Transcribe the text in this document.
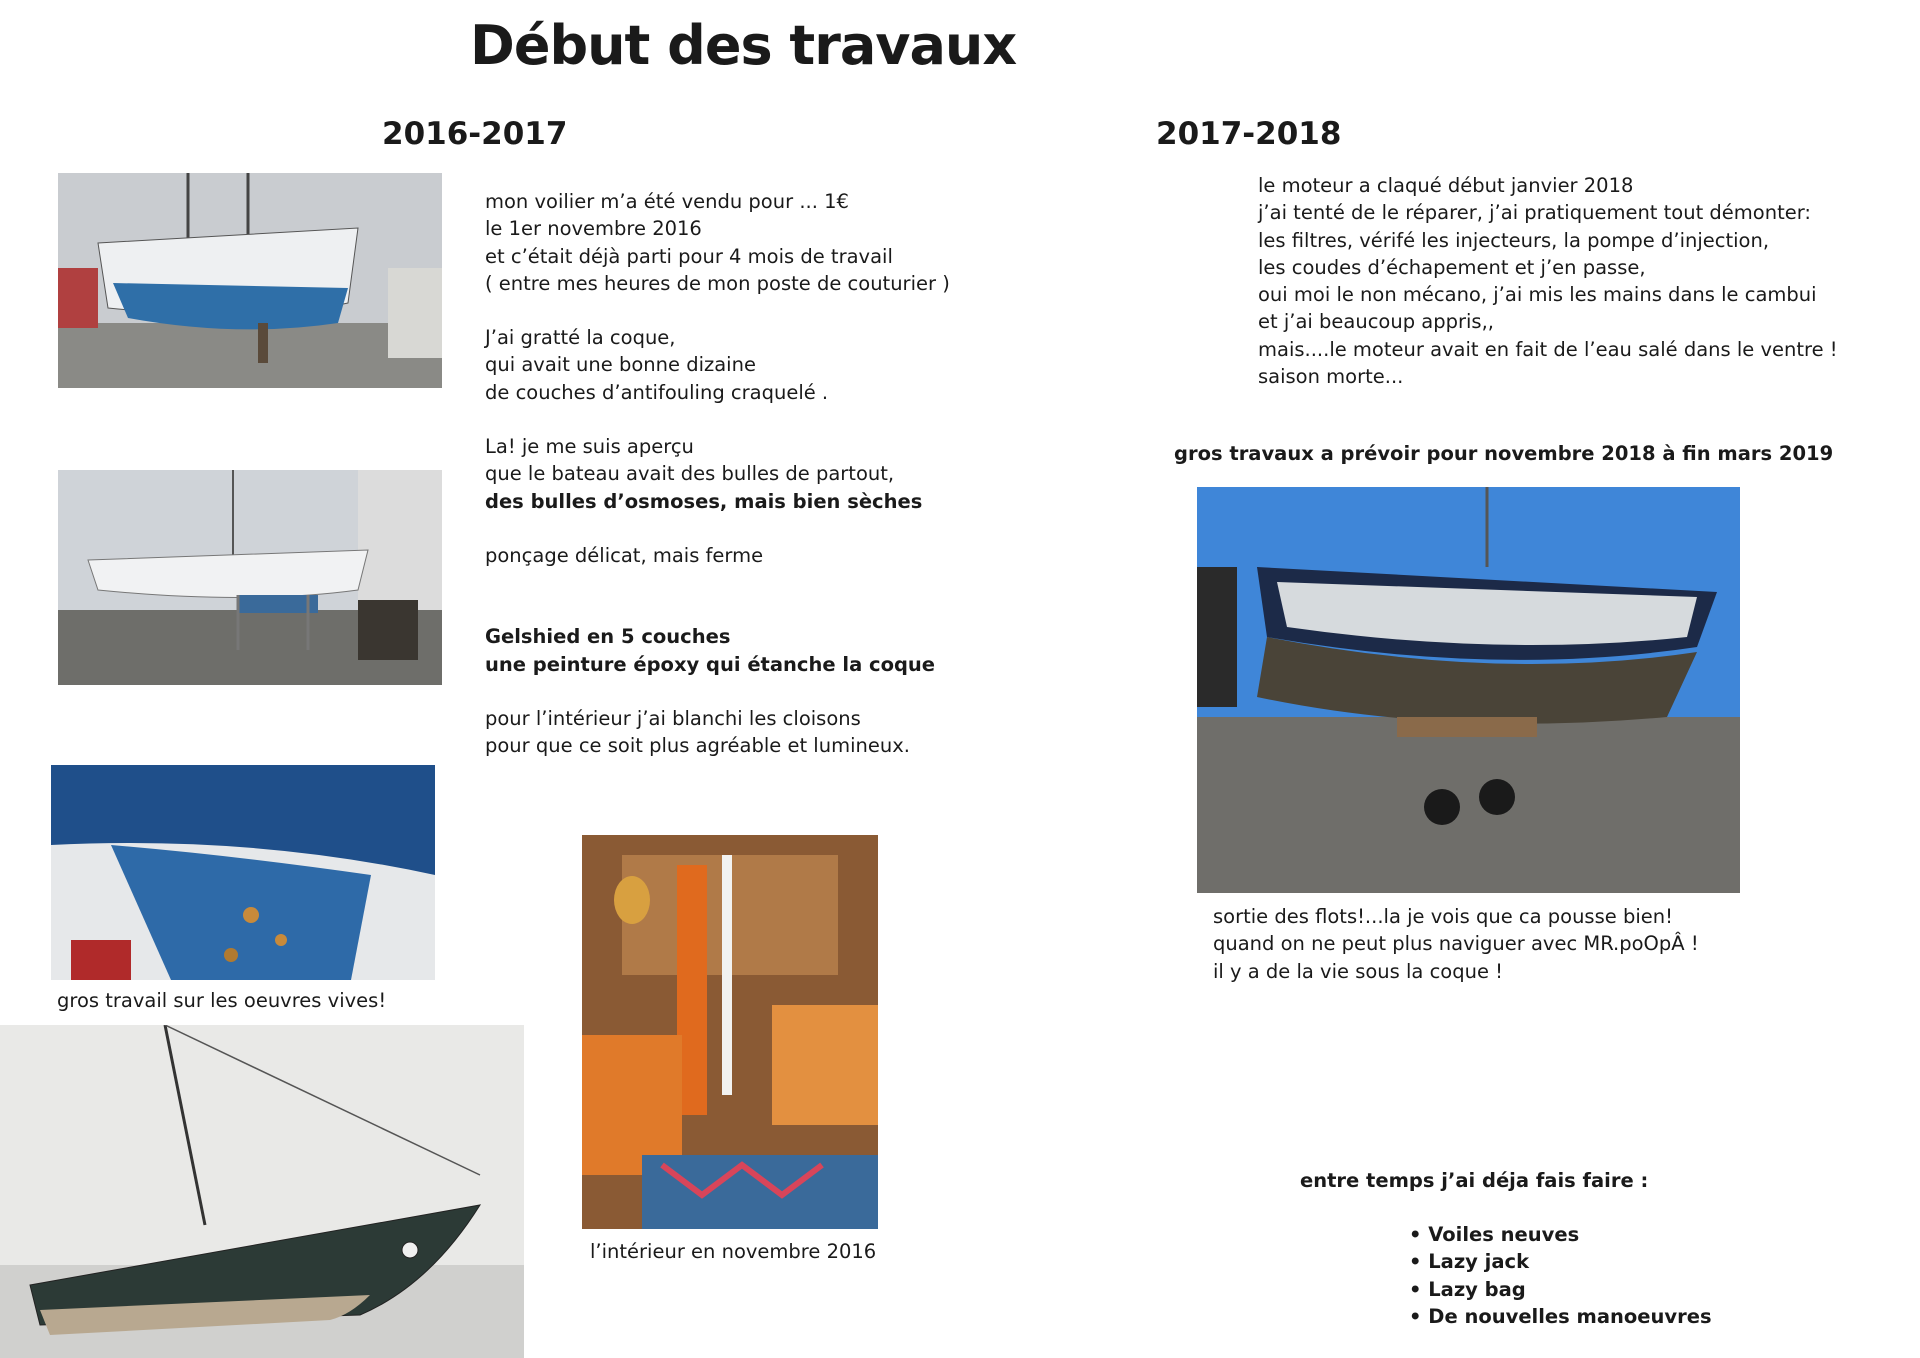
Début des travaux
2016-2017
mon voilier m’a été vendu pour ... 1€
le 1er novembre 2016
et c’était déjà parti pour 4 mois de travail
( entre mes heures de mon poste de couturier )
J’ai gratté la coque,
qui avait une bonne dizaine
de couches d’antifouling craquelé .
La! je me suis aperçu
que le bateau avait des bulles de partout,
des bulles d’osmoses, mais bien sèches
ponçage délicat, mais ferme
Gelshied en 5 couches
une peinture époxy qui étanche la coque
pour l’intérieur j’ai blanchi les cloisons
pour que ce soit plus agréable et lumineux.
gros travail sur les oeuvres vives!
l’intérieur en novembre 2016
2017-2018
le moteur a claqué début janvier 2018
j’ai tenté de le réparer, j’ai pratiquement tout démonter:
les filtres, vérifé les injecteurs, la pompe d’injection,
les coudes d’échapement et j’en passe,
oui moi le non mécano, j’ai mis les mains dans le cambui
et j’ai beaucoup appris,,
mais....le moteur avait en fait de l’eau salé dans le ventre !
saison morte...
gros travaux a prévoir pour novembre 2018 à fin mars 2019
sortie des flots!...la je vois que ca pousse bien!
quand on ne peut plus naviguer avec MR.poOpÂ !
il y a de la vie sous la coque !
entre temps j’ai déja fais faire :
• Voiles neuves
• Lazy jack
• Lazy bag
• De nouvelles manoeuvres
